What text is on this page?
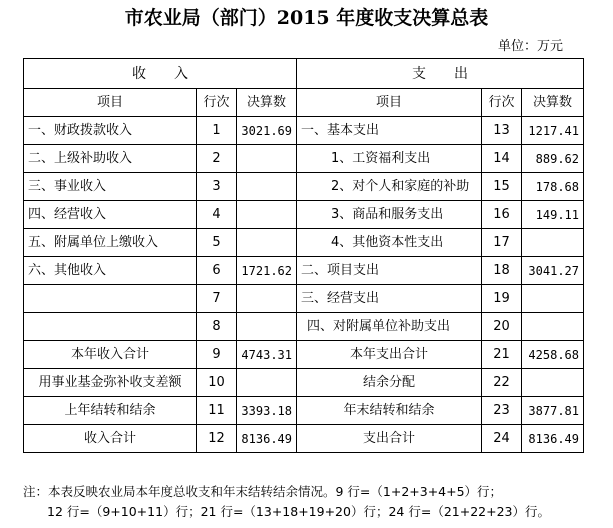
市农业局（部门）2015 年度收支决算总表
单位：万元
收　　入			支　　出		
项目	行次	决算数	项目	行次	决算数
一、财政拨款收入	1	3021.69	一、基本支出	13	1217.41
二、上级补助收入	2		1、工资福利支出	14	889.62
三、事业收入	3		2、对个人和家庭的补助	15	178.68
四、经营收入	4		3、商品和服务支出	16	149.11
五、附属单位上缴收入	5		4、其他资本性支出	17	
六、其他收入	6	1721.62	二、项目支出	18	3041.27
	7		三、经营支出	19	
	8		四、对附属单位补助支出	20	
本年收入合计	9	4743.31	本年支出合计	21	4258.68
用事业基金弥补收支差额	10		结余分配	22	
上年结转和结余	11	3393.18	年末结转和结余	23	3877.81
收入合计	12	8136.49	支出合计	24	8136.49
注：本表反映农业局本年度总收支和年末结转结余情况。9 行=（1+2+3+4+5）行；
12 行=（9+10+11）行；21 行=（13+18+19+20）行；24 行=（21+22+23）行。
